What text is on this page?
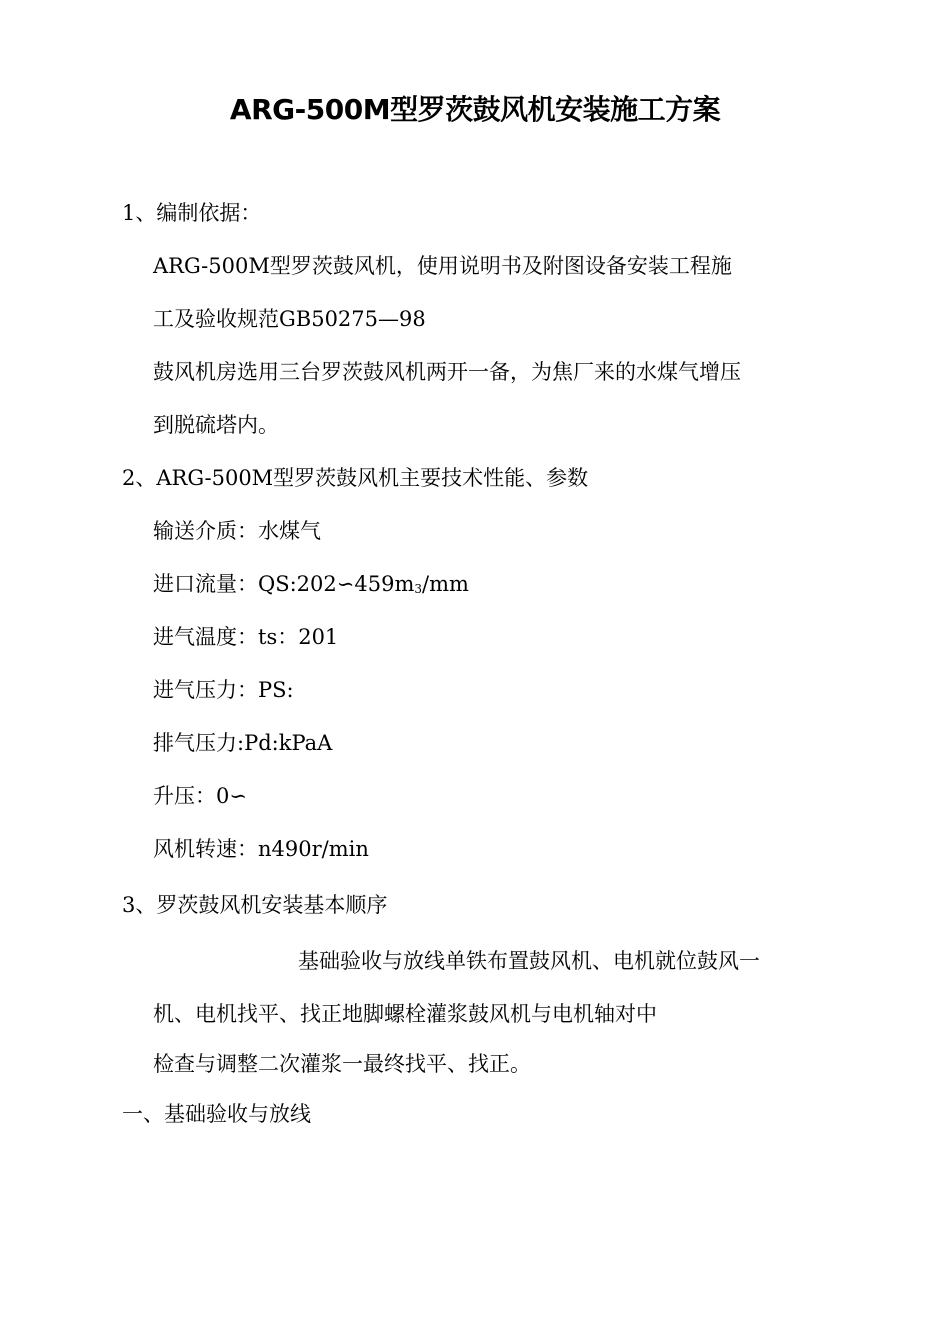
ARG-500M型罗茨鼓风机安装施工方案
1、编制依据：
ARG-500M型罗茨鼓风机，使用说明书及附图设备安装工程施
工及验收规范GB50275—98
鼓风机房选用三台罗茨鼓风机两开一备，为焦厂来的水煤气增压
到脱硫塔内。
2、ARG-500M型罗茨鼓风机主要技术性能、参数
输送介质：水煤气
进口流量：$QS:202∽459m_3/mm$
进气温度：ts：201
进气压力：PS:
排气压力:Pd:kPaA
升压：0∽
风机转速：n490r/min
3、罗茨鼓风机安装基本顺序
基础验收与放线单铁布置鼓风机、电机就位鼓风一
机、电机找平、找正地脚螺栓灌浆鼓风机与电机轴对中
检查与调整二次灌浆一最终找平、找正。
一、基础验收与放线
